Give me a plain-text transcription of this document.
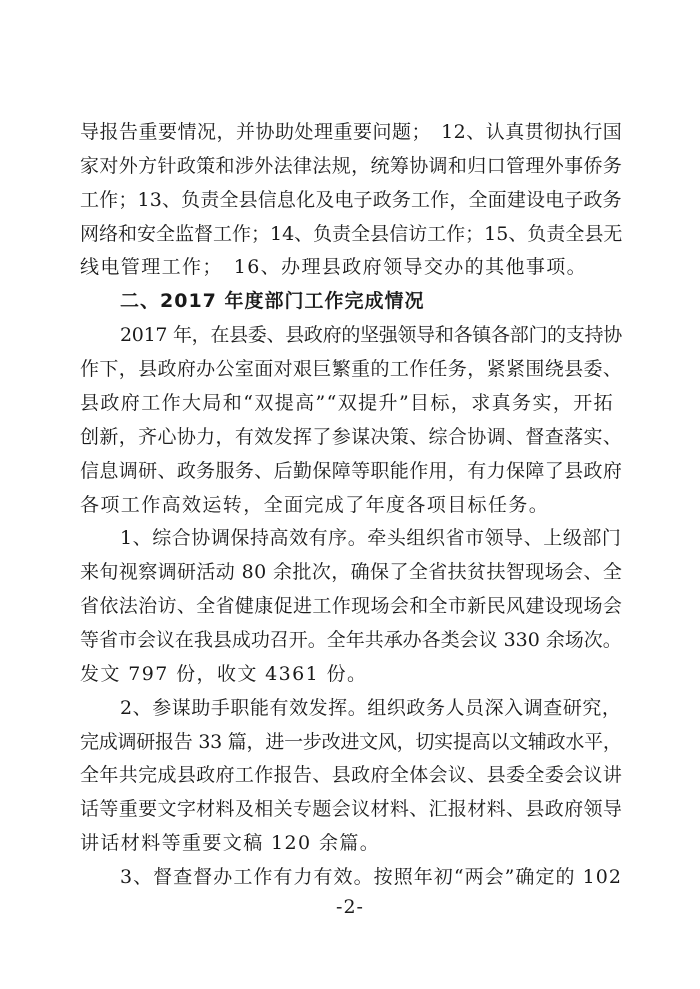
导报告重要情况，并协助处理重要问题；　12、认真贯彻执行国
家对外方针政策和涉外法律法规，统筹协调和归口管理外事侨务
工作；13、负责全县信息化及电子政务工作，全面建设电子政务
网络和安全监督工作；14、负责全县信访工作；15、负责全县无
线电管理工作；　16、办理县政府领导交办的其他事项。
二、2017 年度部门工作完成情况
2017 年，在县委、县政府的坚强领导和各镇各部门的支持协
作下，县政府办公室面对艰巨繁重的工作任务，紧紧围绕县委、
县政府工作大局和“双提高”“双提升”目标，求真务实，开拓
创新，齐心协力，有效发挥了参谋决策、综合协调、督查落实、
信息调研、政务服务、后勤保障等职能作用，有力保障了县政府
各项工作高效运转，全面完成了年度各项目标任务。
1、综合协调保持高效有序。牵头组织省市领导、上级部门
来旬视察调研活动 80 余批次，确保了全省扶贫扶智现场会、全
省依法治访、全省健康促进工作现场会和全市新民风建设现场会
等省市会议在我县成功召开。全年共承办各类会议 330 余场次。
发文 797 份，收文 4361 份。
2、参谋助手职能有效发挥。组织政务人员深入调查研究，
完成调研报告 33 篇，进一步改进文风，切实提高以文辅政水平，
全年共完成县政府工作报告、县政府全体会议、县委全委会议讲
话等重要文字材料及相关专题会议材料、汇报材料、县政府领导
讲话材料等重要文稿 120 余篇。
3、督查督办工作有力有效。按照年初“两会”确定的 102
-2-
